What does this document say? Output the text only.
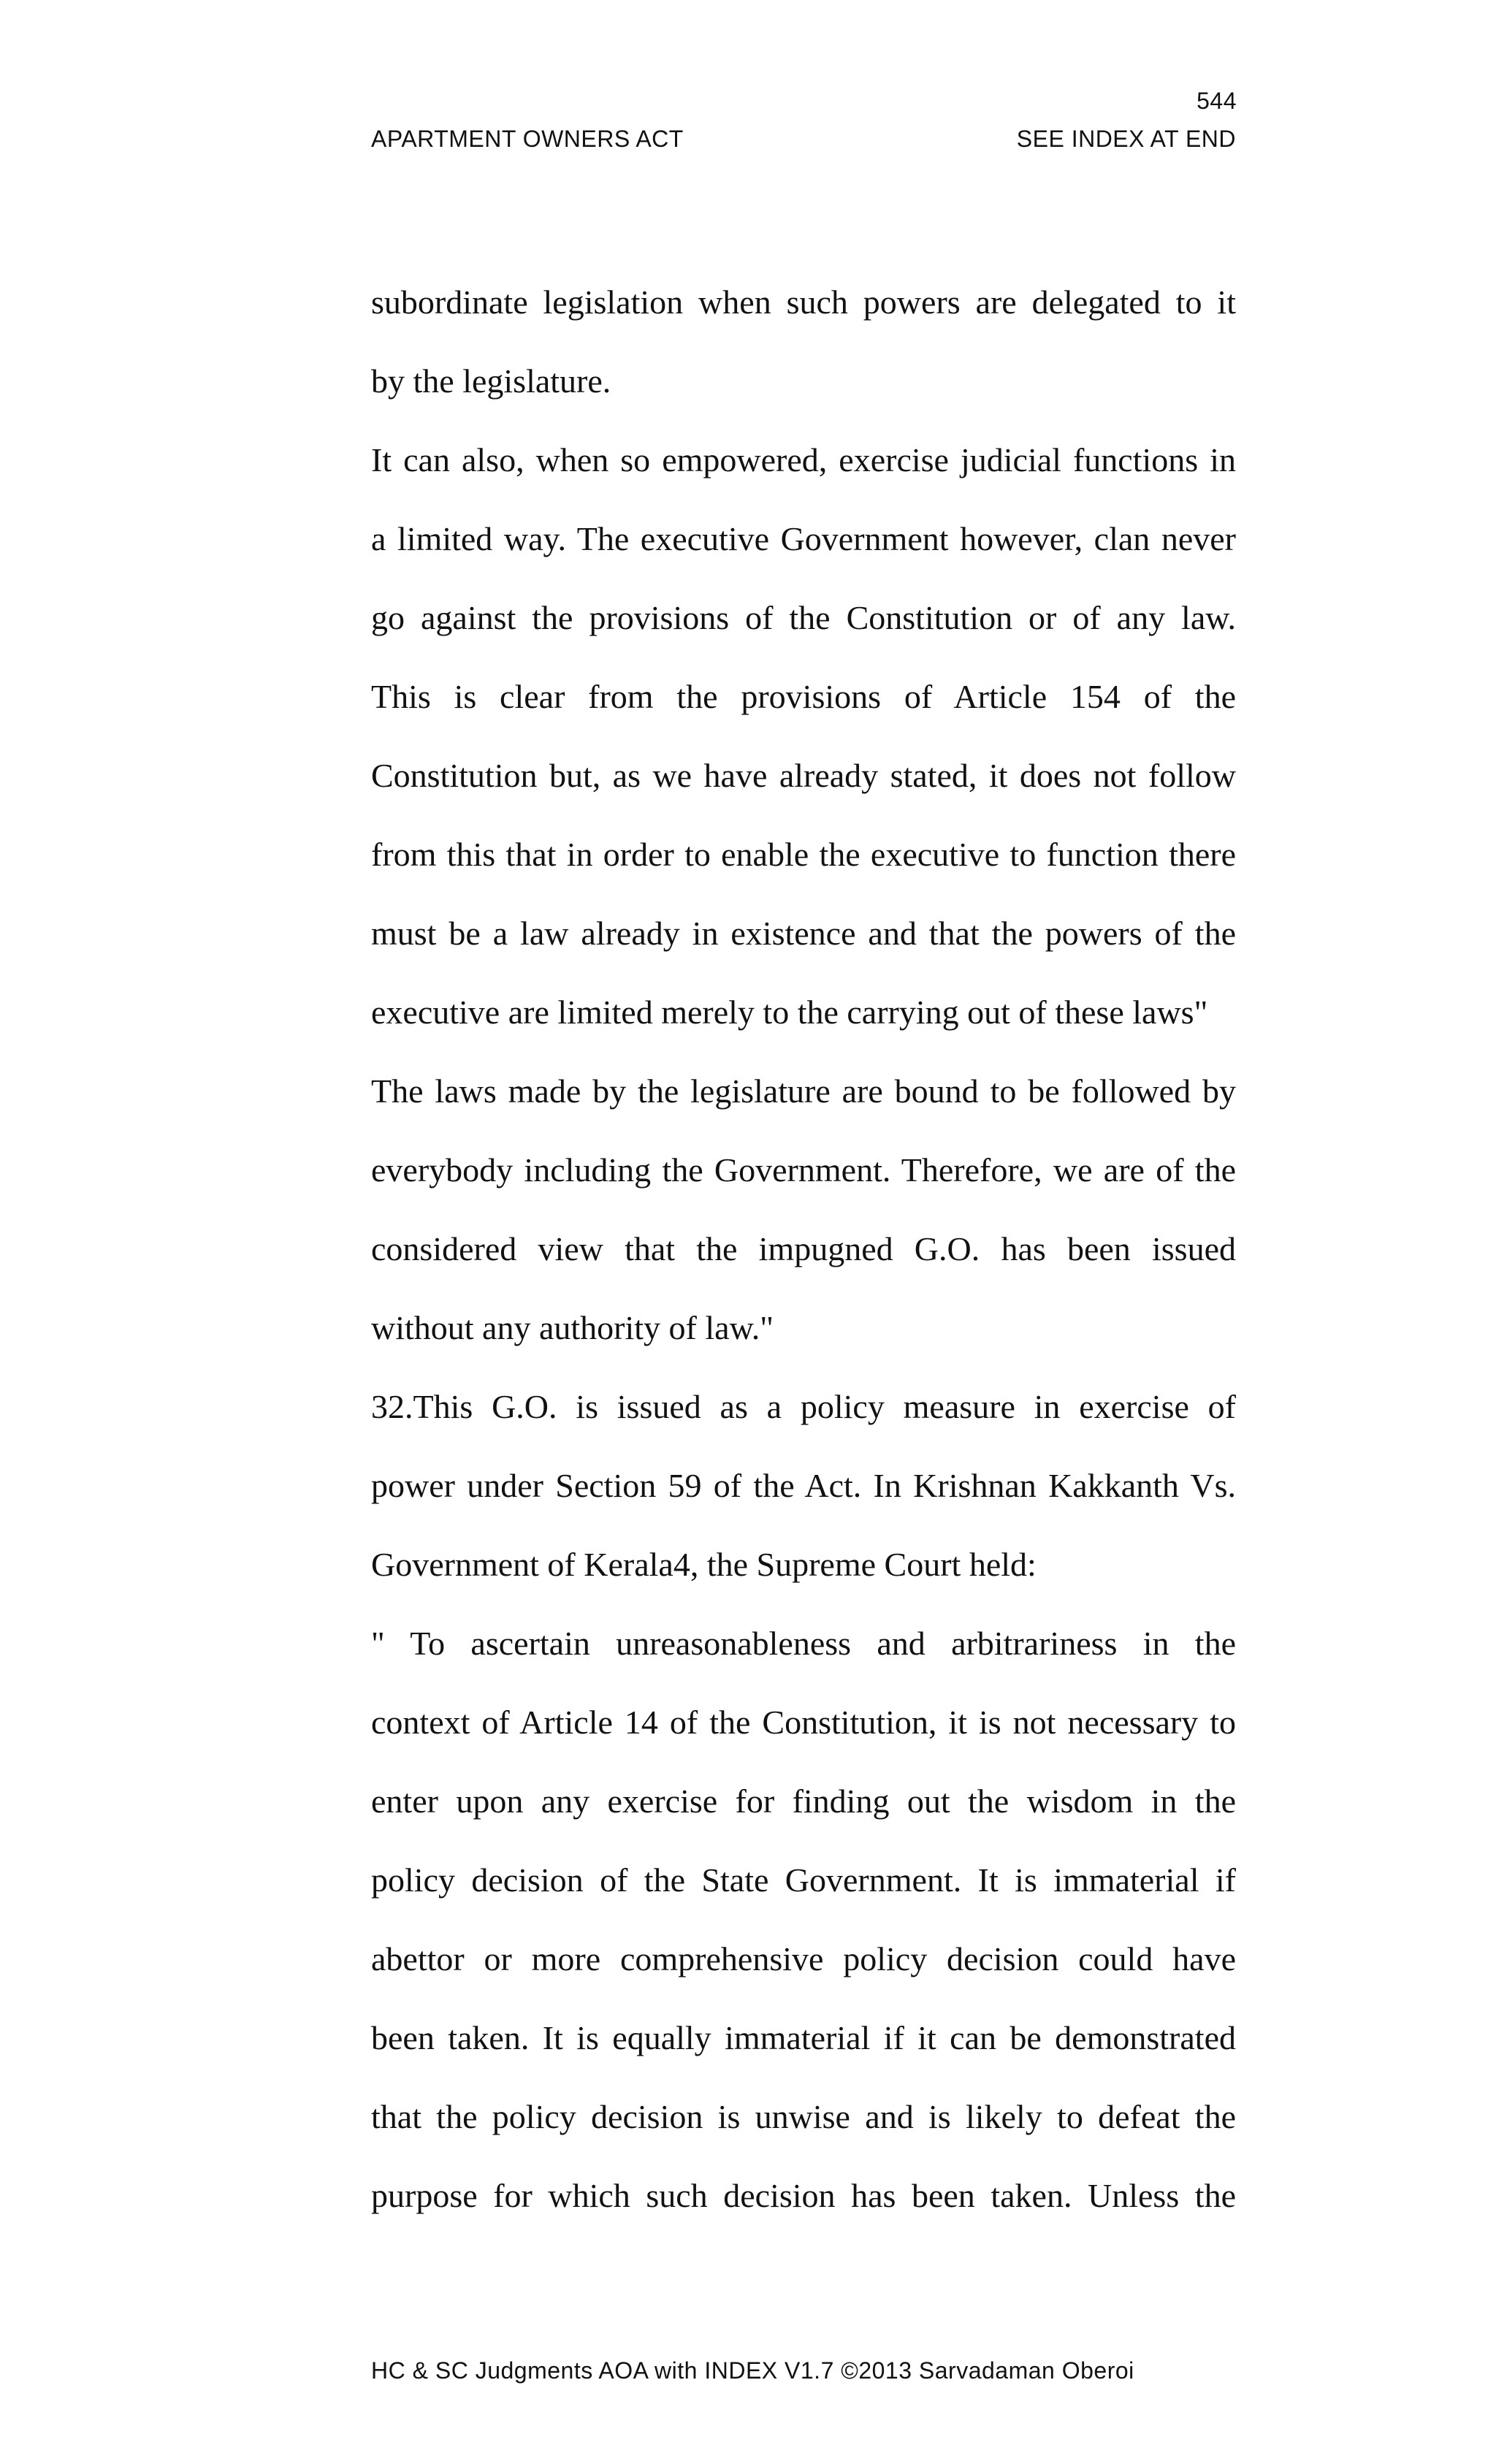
544
APARTMENT OWNERS ACT	SEE INDEX AT END
subordinate legislation when such powers are delegated to it
by the legislature.
It can also, when so empowered, exercise judicial functions in
a limited way. The executive Government however, clan never
go against the provisions of the Constitution or of any law.
This is clear from the provisions of Article 154 of the
Constitution but, as we have already stated, it does not follow
from this that in order to enable the executive to function there
must be a law already in existence and that the powers of the
executive are limited merely to the carrying out of these laws"
The laws made by the legislature are bound to be followed by
everybody including the Government. Therefore, we are of the
considered view that the impugned G.O. has been issued
without any authority of law."
32.This G.O. is issued as a policy measure in exercise of
power under Section 59 of the Act. In Krishnan Kakkanth Vs.
Government of Kerala4, the Supreme Court held:
" To ascertain unreasonableness and arbitrariness in the
context of Article 14 of the Constitution, it is not necessary to
enter upon any exercise for finding out the wisdom in the
policy decision of the State Government. It is immaterial if
abettor or more comprehensive policy decision could have
been taken. It is equally immaterial if it can be demonstrated
that the policy decision is unwise and is likely to defeat the
purpose for which such decision has been taken. Unless the
HC & SC Judgments AOA with INDEX V1.7 ©2013 Sarvadaman Oberoi
